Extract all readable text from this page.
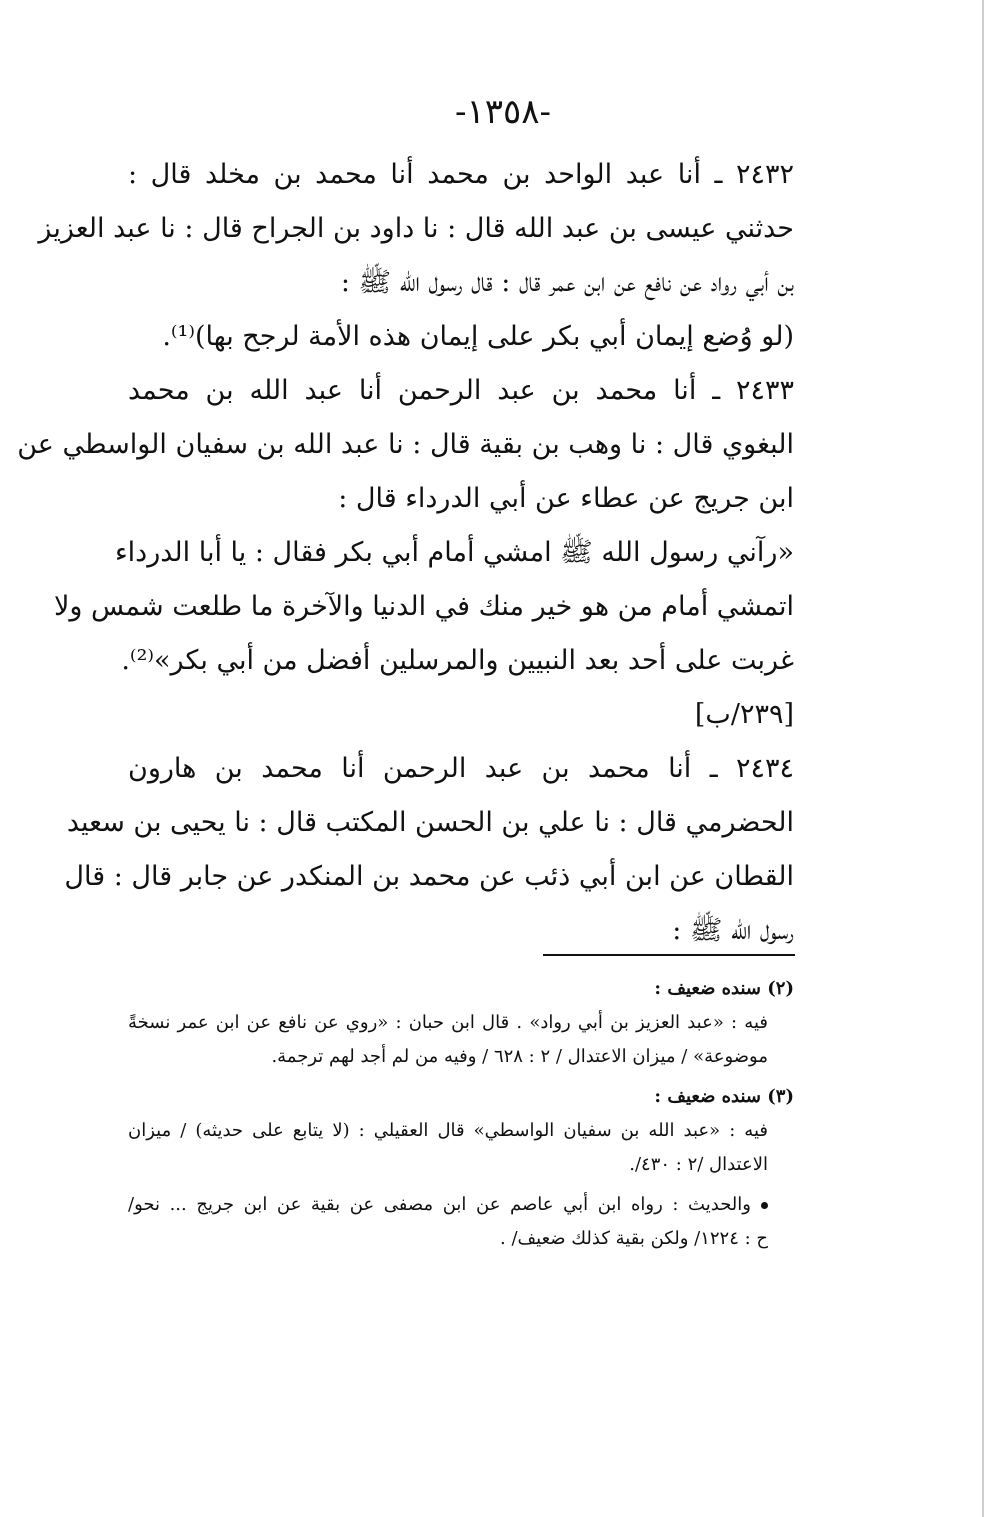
-١٣٥٨-
٢٤٣٢ ـ أنا عبد الواحد بن محمد أنا محمد بن مخلد قال :
حدثني عيسى بن عبد الله قال : نا داود بن الجراح قال : نا عبد العزيز
بن أبي رواد عن نافع عن ابن عمر قال : قال رسول الله ﷺ :
(لو وُضع إيمان أبي بكر على إيمان هذه الأمة لرجح بها)⁽¹⁾.
٢٤٣٣ ـ أنا محمد بن عبد الرحمن أنا عبد الله بن محمد
البغوي قال : نا وهب بن بقية قال : نا عبد الله بن سفيان الواسطي عن
ابن جريج عن عطاء عن أبي الدرداء قال :
«رآني رسول الله ﷺ امشي أمام أبي بكر فقال : يا أبا الدرداء
اتمشي أمام من هو خير منك في الدنيا والآخرة ما طلعت شمس ولا
غربت على أحد بعد النبيين والمرسلين أفضل من أبي بكر»⁽²⁾.
[٢٣٩/ب]
٢٤٣٤ ـ أنا محمد بن عبد الرحمن أنا محمد بن هارون
الحضرمي قال : نا علي بن الحسن المكتب قال : نا يحيى بن سعيد
القطان عن ابن أبي ذئب عن محمد بن المنكدر عن جابر قال : قال
رسول الله ﷺ :
(٢) سنده ضعيف :
فيه : «عبد العزيز بن أبي رواد» . قال ابن حبان : «روي عن نافع عن ابن عمر نسخةً
موضوعة» / ميزان الاعتدال / ٢ : ٦٢٨ / وفيه من لم أجد لهم ترجمة.
(٣) سنده ضعيف :
فيه : «عبد الله بن سفيان الواسطي» قال العقيلي : (لا يتابع على حديثه) / ميزان
الاعتدال /٢ : ٤٣٠/.
والحديث : رواه ابن أبي عاصم عن ابن مصفى عن بقية عن ابن جريج ... نحو/
ح : ١٢٢٤/ ولكن بقية كذلك ضعيف/ .
